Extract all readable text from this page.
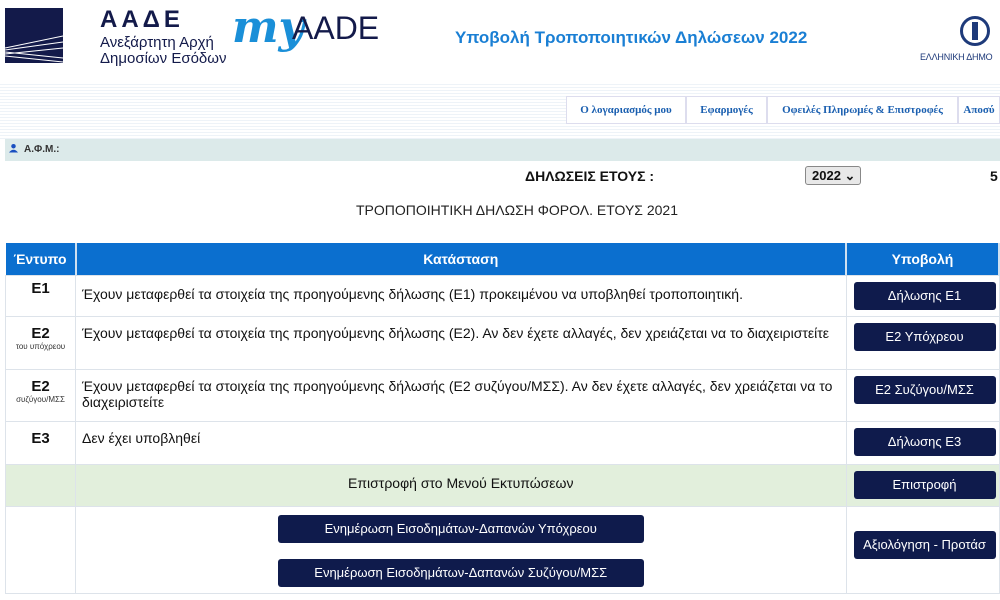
ΑΑΔΕ
Ανεξάρτητη Αρχή
Δημοσίων Εσόδων
my
AADE	Υποβολή Τροποποιητικών Δηλώσεων 2022
ΕΛΛΗΝΙΚΗ ΔΗΜΟ
Ο λογαριασμός μου	Εφαρμογές	Οφειλές Πληρωμές & Επιστροφές	Αποσύ
Α.Φ.Μ.:
ΔΗΛΩΣΕΙΣ ΕΤΟΥΣ :	2022 ⌄	5
ΤΡΟΠΟΠΟΙΗΤΙΚΗ ΔΗΛΩΣΗ ΦΟΡΟΛ. ΕΤΟΥΣ 2021
Έντυπο	Κατάσταση	Υποβολή
E1	Έχουν μεταφερθεί τα στοιχεία της προηγούμενης δήλωσης (Ε1) προκειμένου να υποβληθεί τροποποιητική.	Δήλωσης Ε1

E2
του υπόχρεου	Έχουν μεταφερθεί τα στοιχεία της προηγούμενης δήλωσης (Ε2). Αν δεν έχετε αλλαγές, δεν χρειάζεται να το διαχειριστείτε	Ε2 Υπόχρεου

E2
συζύγου/ΜΣΣ	Έχουν μεταφερθεί τα στοιχεία της προηγούμενης δήλωσής (Ε2 συζύγου/ΜΣΣ). Αν δεν έχετε αλλαγές, δεν χρειάζεται να το διαχειριστείτε	Ε2 Συζύγου/ΜΣΣ

E3	Δεν έχει υποβληθεί	Δήλωσης Ε3

	Επιστροφή στο Μενού Εκτυπώσεων	Επιστροφή

	Ενημέρωση Εισοδημάτων-Δαπανών Υπόχρεου
Ενημέρωση Εισοδημάτων-Δαπανών Συζύγου/ΜΣΣ	Αξιολόγηση - Προτάσ
